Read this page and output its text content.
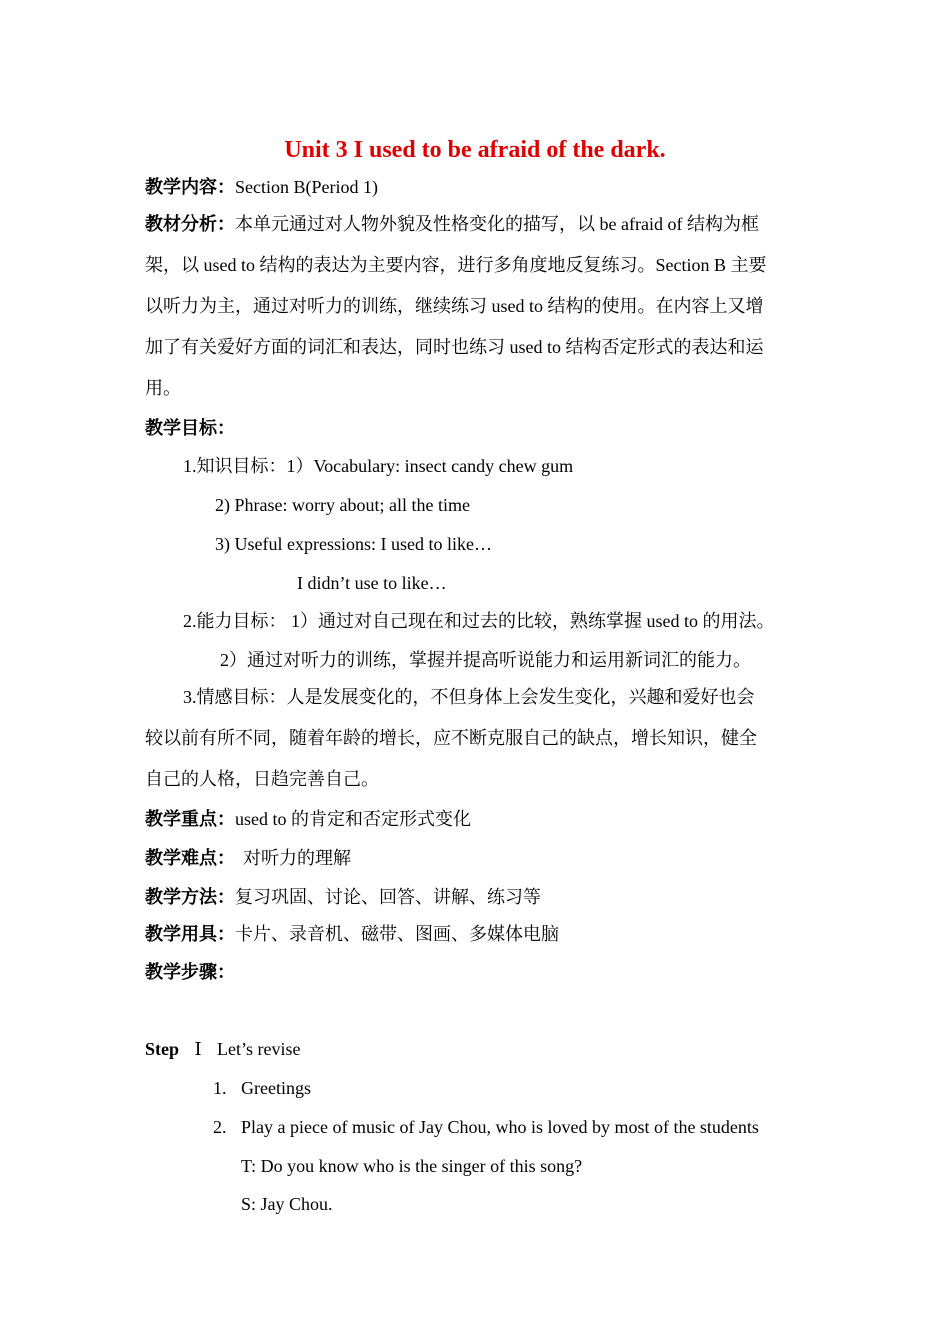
Unit 3 I used to be afraid of the dark.
教学内容：Section B(Period 1)
教材分析：本单元通过对人物外貌及性格变化的描写，以 be afraid of 结构为框
架，以 used to 结构的表达为主要内容，进行多角度地反复练习。Section B 主要
以听力为主，通过对听力的训练，继续练习 used to 结构的使用。在内容上又增
加了有关爱好方面的词汇和表达，同时也练习 used to 结构否定形式的表达和运
用。
教学目标：
1.知识目标：1）Vocabulary: insect candy chew gum
2) Phrase: worry about; all the time
3) Useful expressions: I used to like…
I didn’t use to like…
2.能力目标： 1）通过对自己现在和过去的比较，熟练掌握 used to 的用法。
2）通过对听力的训练，掌握并提高听说能力和运用新词汇的能力。
3.情感目标：人是发展变化的，不但身体上会发生变化，兴趣和爱好也会
较以前有所不同，随着年龄的增长，应不断克服自己的缺点，增长知识，健全
自己的人格，日趋完善自己。
教学重点：used to 的肯定和否定形式变化
教学难点： 对听力的理解
教学方法：复习巩固、讨论、回答、讲解、练习等
教学用具：卡片、录音机、磁带、图画、多媒体电脑
教学步骤：
Step Ⅰ Let’s revise
1. Greetings
2. Play a piece of music of Jay Chou, who is loved by most of the students
T: Do you know who is the singer of this song?
S: Jay Chou.
